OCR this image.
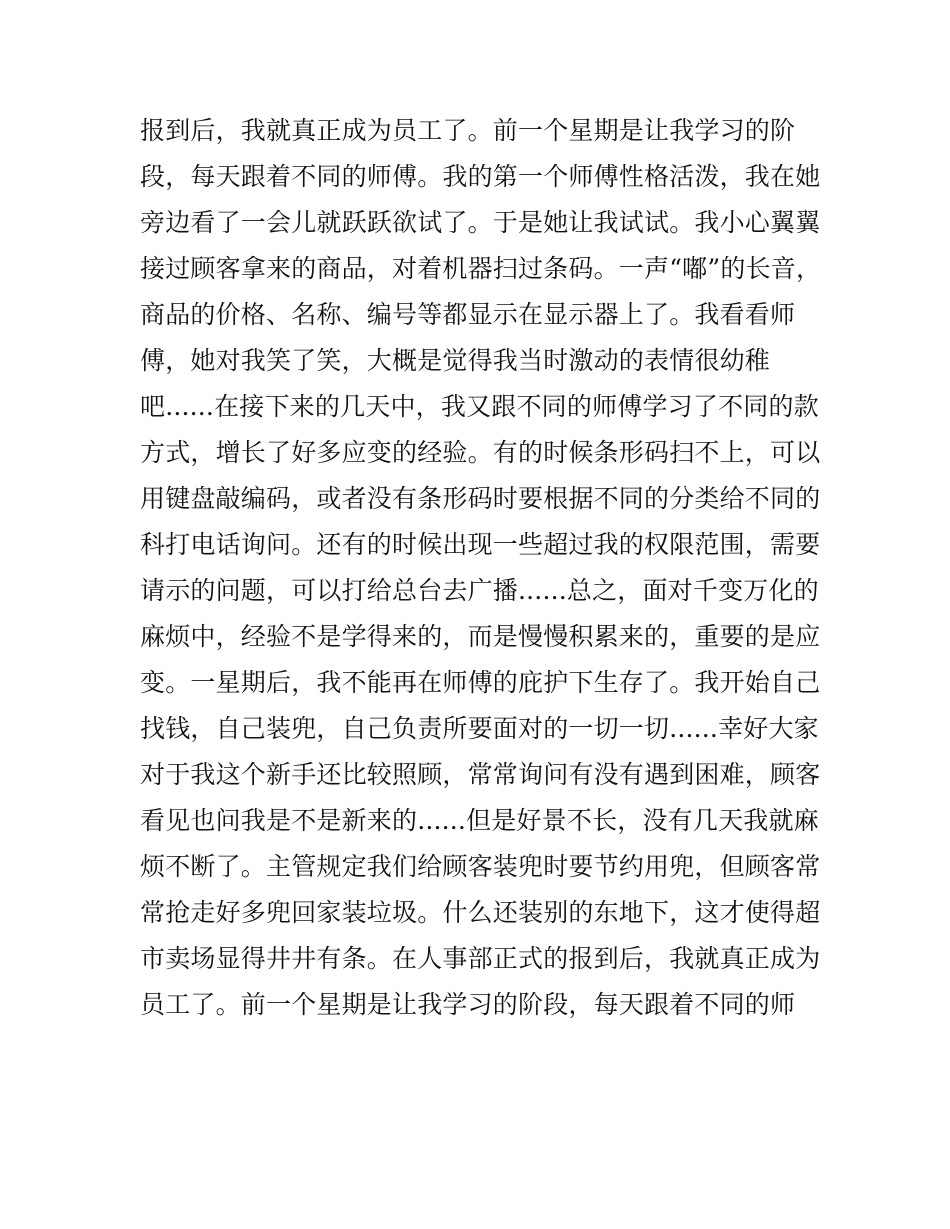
报到后，我就真正成为员工了。前一个星期是让我学习的阶
段，每天跟着不同的师傅。我的第一个师傅性格活泼，我在她
旁边看了一会儿就跃跃欲试了。于是她让我试试。我小心翼翼
接过顾客拿来的商品，对着机器扫过条码。一声“嘟”的长音，
商品的价格、名称、编号等都显示在显示器上了。我看看师
傅，她对我笑了笑，大概是觉得我当时激动的表情很幼稚
吧......在接下来的几天中，我又跟不同的师傅学习了不同的款
方式，增长了好多应变的经验。有的时候条形码扫不上，可以
用键盘敲编码，或者没有条形码时要根据不同的分类给不同的
科打电话询问。还有的时候出现一些超过我的权限范围，需要
请示的问题，可以打给总台去广播......总之，面对千变万化的
麻烦中，经验不是学得来的，而是慢慢积累来的，重要的是应
变。一星期后，我不能再在师傅的庇护下生存了。我开始自己
找钱，自己装兜，自己负责所要面对的一切一切......幸好大家
对于我这个新手还比较照顾，常常询问有没有遇到困难，顾客
看见也问我是不是新来的......但是好景不长，没有几天我就麻
烦不断了。主管规定我们给顾客装兜时要节约用兜，但顾客常
常抢走好多兜回家装垃圾。什么还装别的东地下，这才使得超
市卖场显得井井有条。在人事部正式的报到后，我就真正成为
员工了。前一个星期是让我学习的阶段，每天跟着不同的师
